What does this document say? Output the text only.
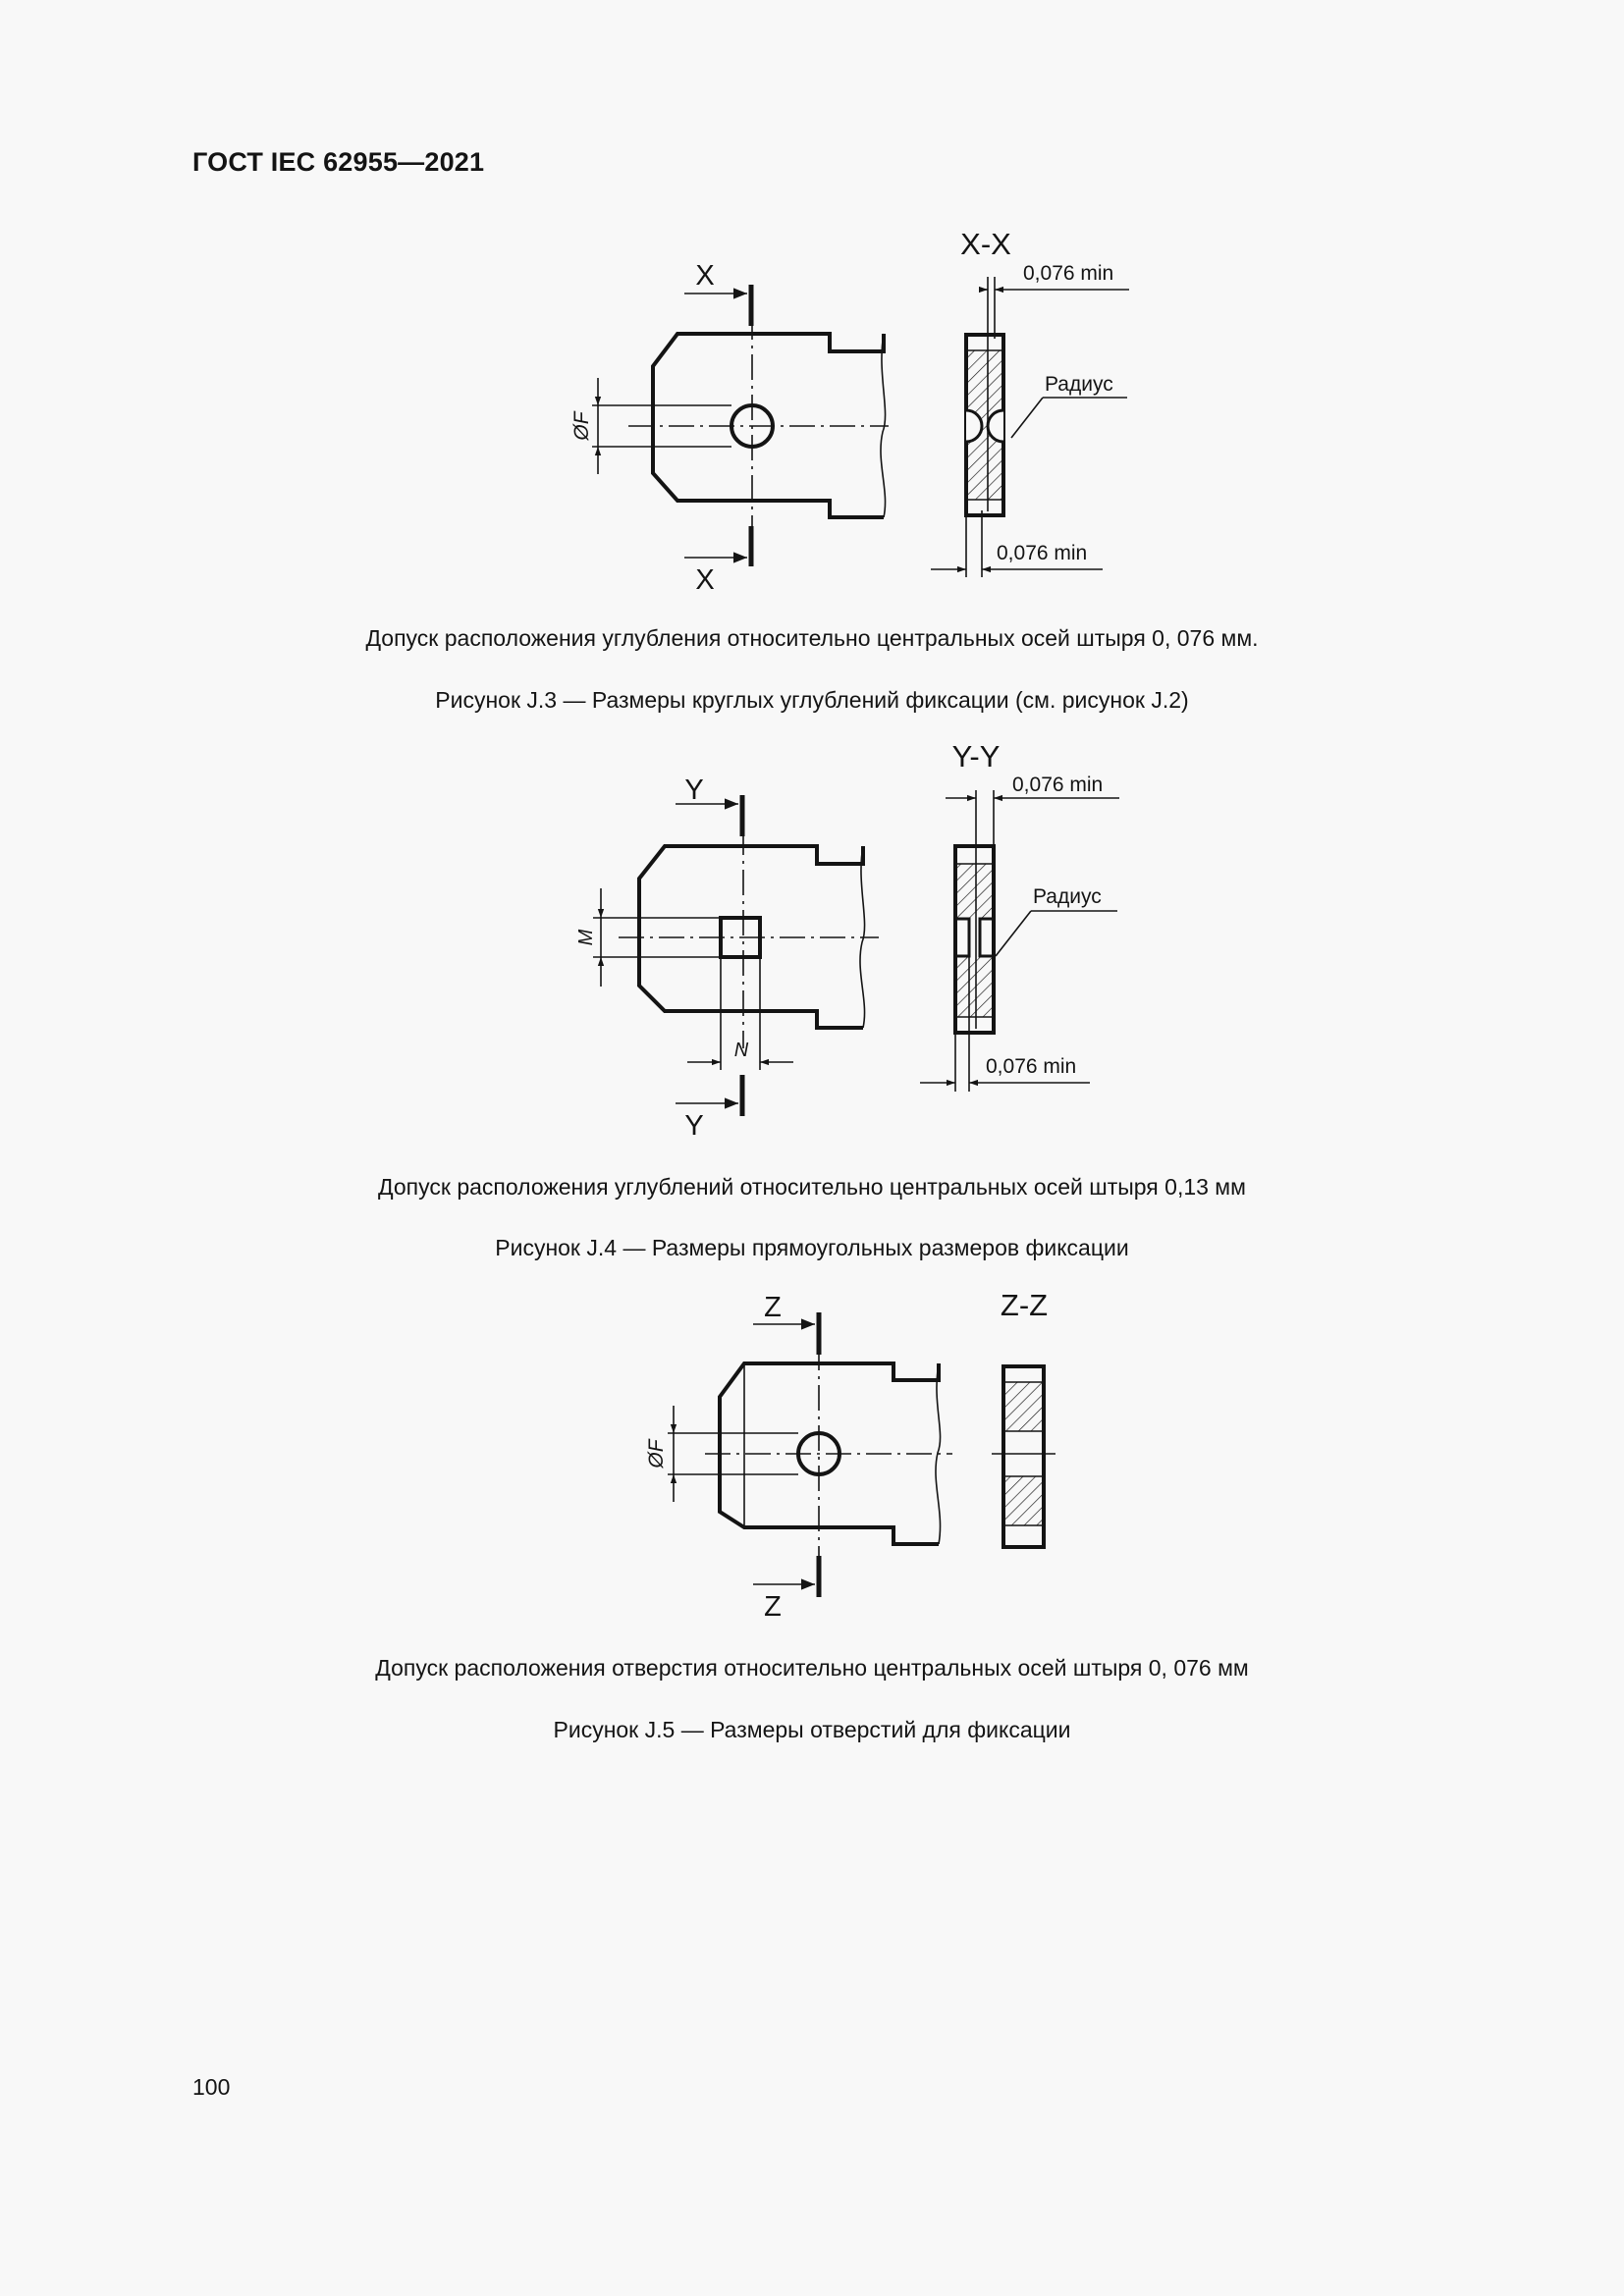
ГОСТ IEC 62955—2021
ØF
X
X
X-X
0,076 min
Радиус
0,076 min
Допуск расположения углубления относительно центральных осей штыря 0, 076 мм.
Рисунок J.3 — Размеры круглых углублений фиксации (см. рисунок J.2)
M
N
Y
Y
Y-Y
0,076 min
Радиус
0,076 min
Допуск расположения углублений относительно центральных осей штыря 0,13 мм
Рисунок J.4 — Размеры прямоугольных размеров фиксации
ØF
Z
Z
Z-Z
Допуск расположения отверстия относительно центральных осей штыря 0, 076 мм
Рисунок J.5 — Размеры отверстий для фиксации
100
